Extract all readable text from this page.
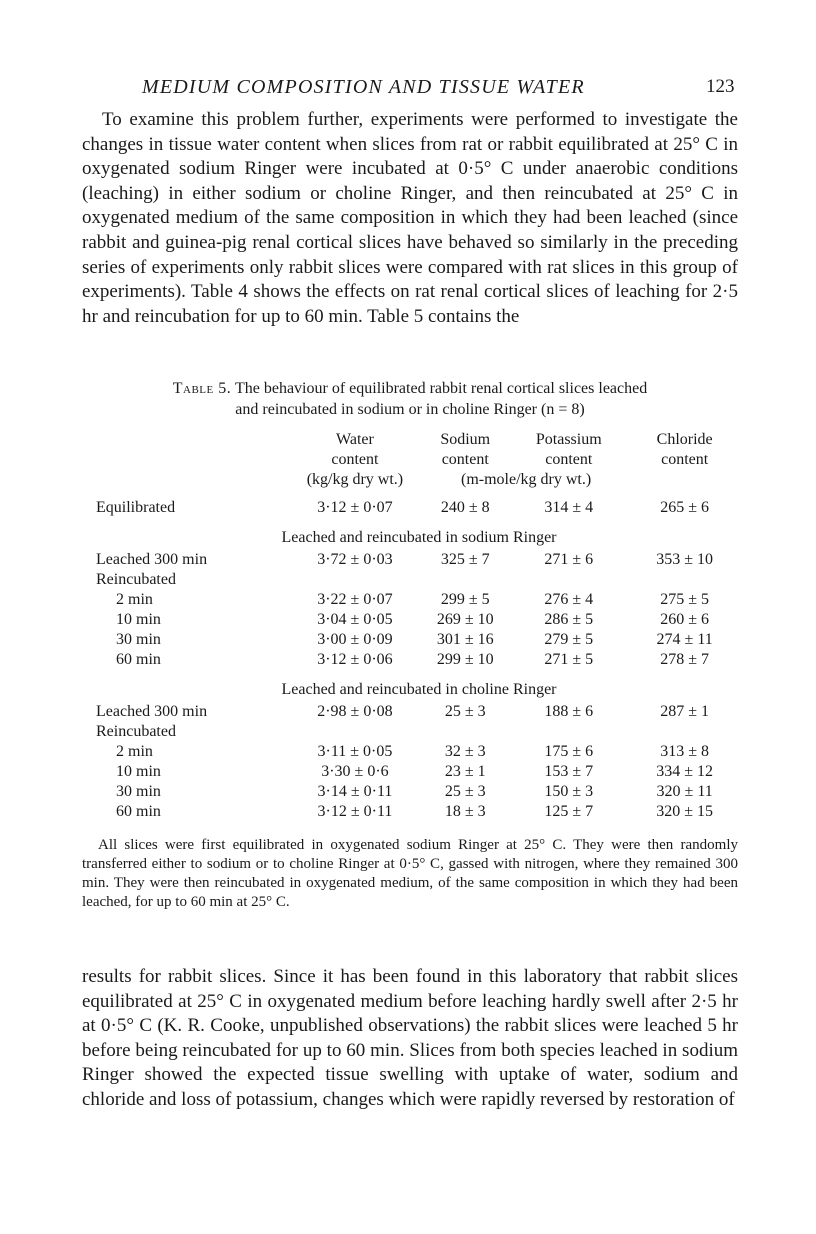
MEDIUM COMPOSITION AND TISSUE WATER	123

To examine this problem further, experiments were performed to investigate the changes in tissue water content when slices from rat or rabbit equilibrated at 25° C in oxygenated sodium Ringer were incubated at 0·5° C under anaerobic conditions (leaching) in either sodium or choline Ringer, and then reincubated at 25° C in oxygenated medium of the same composition in which they had been leached (since rabbit and guinea-pig renal cortical slices have behaved so similarly in the preceding series of experiments only rabbit slices were compared with rat slices in this group of experiments). Table 4 shows the effects on rat renal cortical slices of leaching for 2·5 hr and reincubation for up to 60 min. Table 5 contains the

Table 5. The behaviour of equilibrated rabbit renal cortical slices leached
and reincubated in sodium or in choline Ringer (n = 8)
	Water	Sodium	Potassium	Chloride
	content	content	content	content
	(kg/kg dry wt.)	(m-mole/kg dry wt.)		

Equilibrated	3·12 ± 0·07	240 ± 8	314 ± 4	265 ± 6

Leached and reincubated in sodium Ringer				
Leached 300 min	3·72 ± 0·03	325 ± 7	271 ± 6	353 ± 10
Reincubated				
2 min	3·22 ± 0·07	299 ± 5	276 ± 4	275 ± 5
10 min	3·04 ± 0·05	269 ± 10	286 ± 5	260 ± 6
30 min	3·00 ± 0·09	301 ± 16	279 ± 5	274 ± 11
60 min	3·12 ± 0·06	299 ± 10	271 ± 5	278 ± 7

Leached and reincubated in choline Ringer				
Leached 300 min	2·98 ± 0·08	25 ± 3	188 ± 6	287 ± 1
Reincubated				
2 min	3·11 ± 0·05	32 ± 3	175 ± 6	313 ± 8
10 min	3·30 ± 0·6	23 ± 1	153 ± 7	334 ± 12
30 min	3·14 ± 0·11	25 ± 3	150 ± 3	320 ± 11
60 min	3·12 ± 0·11	18 ± 3	125 ± 7	320 ± 15

All slices were first equilibrated in oxygenated sodium Ringer at 25° C. They were then randomly transferred either to sodium or to choline Ringer at 0·5° C, gassed with nitrogen, where they remained 300 min. They were then reincubated in oxygenated medium, of the same composition in which they had been leached, for up to 60 min at 25° C.

results for rabbit slices. Since it has been found in this laboratory that rabbit slices equilibrated at 25° C in oxygenated medium before leaching hardly swell after 2·5 hr at 0·5° C (K. R. Cooke, unpublished observations) the rabbit slices were leached 5 hr before being reincubated for up to 60 min. Slices from both species leached in sodium Ringer showed the expected tissue swelling with uptake of water, sodium and chloride and loss of potassium, changes which were rapidly reversed by restoration of
